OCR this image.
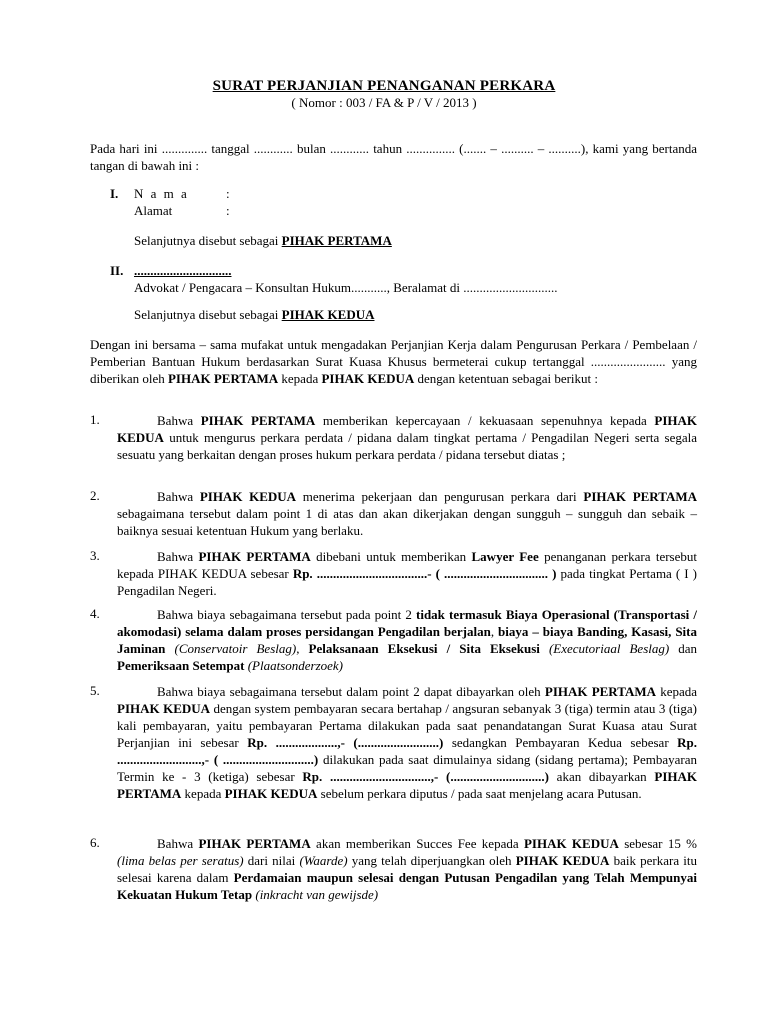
SURAT PERJANJIAN PENANGANAN PERKARA
( Nomor : 003 / FA & P / V / 2013 )
Pada hari ini .............. tanggal ............ bulan ............ tahun ............... (....... – .......... – ..........), kami yang bertanda tangan di bawah ini :
I. N a m a	:
Alamat	:
Selanjutnya disebut sebagai PIHAK PERTAMA
II. ..............................
Advokat / Pengacara – Konsultan Hukum..........., Beralamat di .............................
Selanjutnya disebut sebagai PIHAK KEDUA
Dengan ini bersama – sama mufakat untuk mengadakan Perjanjian Kerja dalam Pengurusan Perkara / Pembelaan / Pemberian Bantuan Hukum berdasarkan Surat Kuasa Khusus bermeterai cukup tertanggal ....................... yang diberikan oleh PIHAK PERTAMA kepada PIHAK KEDUA dengan ketentuan sebagai berikut :
1.	Bahwa PIHAK PERTAMA memberikan kepercayaan / kekuasaan sepenuhnya kepada PIHAK KEDUA untuk mengurus perkara perdata / pidana dalam tingkat pertama / Pengadilan Negeri serta segala sesuatu yang berkaitan dengan proses hukum perkara perdata / pidana tersebut diatas ;
2.	Bahwa PIHAK KEDUA menerima pekerjaan dan pengurusan perkara dari PIHAK PERTAMA sebagaimana tersebut dalam point 1 di atas dan akan dikerjakan dengan sungguh – sungguh dan sebaik – baiknya sesuai ketentuan Hukum yang berlaku.
3.	Bahwa PIHAK PERTAMA dibebani untuk memberikan Lawyer Fee penanganan perkara tersebut kepada PIHAK KEDUA sebesar Rp. ..................................- ( ................................ ) pada tingkat Pertama ( I ) Pengadilan Negeri.
4.	Bahwa biaya sebagaimana tersebut pada point 2 tidak termasuk Biaya Operasional (Transportasi / akomodasi) selama dalam proses persidangan Pengadilan berjalan, biaya – biaya Banding, Kasasi, Sita Jaminan (Conservatoir Beslag), Pelaksanaan Eksekusi / Sita Eksekusi (Executoriaal Beslag) dan Pemeriksaan Setempat (Plaatsonderzoek)
5.	Bahwa biaya sebagaimana tersebut dalam point 2 dapat dibayarkan oleh PIHAK PERTAMA kepada PIHAK KEDUA dengan system pembayaran secara bertahap / angsuran sebanyak 3 (tiga) termin atau 3 (tiga) kali pembayaran, yaitu pembayaran Pertama dilakukan pada saat penandatangan Surat Kuasa atau Surat Perjanjian ini sebesar Rp. ...................,- (.........................) sedangkan Pembayaran Kedua sebesar Rp. ..........................,- ( ............................) dilakukan pada saat dimulainya sidang (sidang pertama); Pembayaran Termin ke - 3 (ketiga) sebesar Rp. ...............................,- (.............................) akan dibayarkan PIHAK PERTAMA kepada PIHAK KEDUA sebelum perkara diputus / pada saat menjelang acara Putusan.
6.	Bahwa PIHAK PERTAMA akan memberikan Succes Fee kepada PIHAK KEDUA sebesar 15 % (lima belas per seratus) dari nilai (Waarde) yang telah diperjuangkan oleh PIHAK KEDUA baik perkara itu selesai karena dalam Perdamaian maupun selesai dengan Putusan Pengadilan yang Telah Mempunyai Kekuatan Hukum Tetap (inkracht van gewijsde)
